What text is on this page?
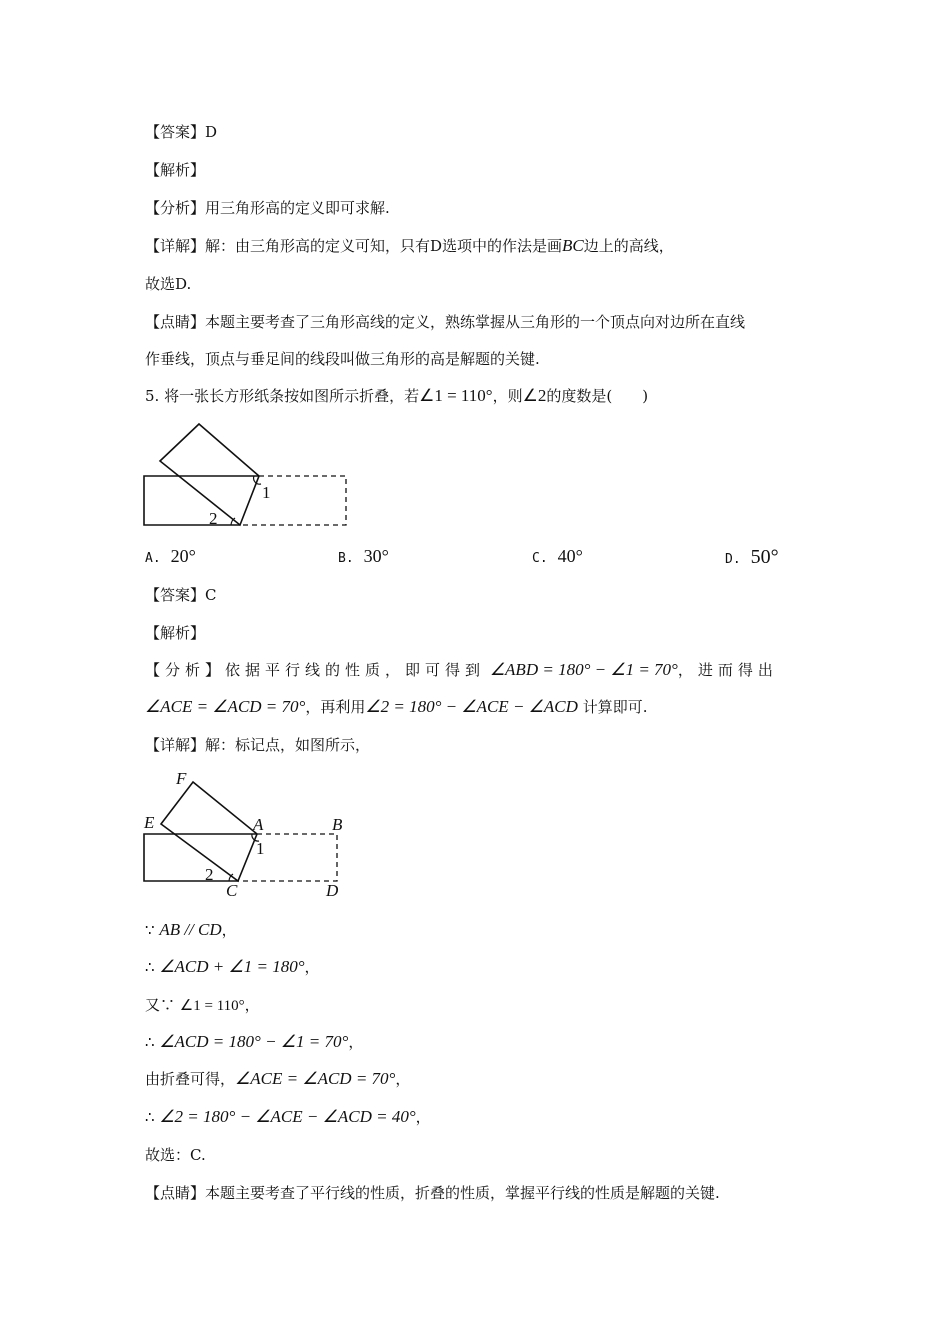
【答案】D
【解析】
【分析】用三角形高的定义即可求解.
【详解】解：由三角形高的定义可知，只有D选项中的作法是画BC边上的高线，
故选D.
【点睛】本题主要考查了三角形高线的定义，熟练掌握从三角形的一个顶点向对边所在直线
作垂线，顶点与垂足间的线段叫做三角形的高是解题的关键.
5. 将一张长方形纸条按如图所示折叠，若∠1 = 110°，则∠2的度数是(　　)
1
2
A. 20°	B. 30°	C. 40°	D. 50°
【答案】C
【解析】
【分析】依据平行线的性质，即可得到 ∠ABD = 180° − ∠1 = 70°，进而得出
∠ACE = ∠ACD = 70°，再利用∠2 = 180° − ∠ACE − ∠ACD 计算即可.
【详解】解：标记点，如图所示，
F
E	A	B
C	D
1
2
∵ AB // CD，
∴ ∠ACD + ∠1 = 180°，
又∵ ∠1 = 110°，
∴ ∠ACD = 180° − ∠1 = 70°，
由折叠可得，∠ACE = ∠ACD = 70°，
∴ ∠2 = 180° − ∠ACE − ∠ACD = 40°，
故选：C.
【点睛】本题主要考查了平行线的性质，折叠的性质，掌握平行线的性质是解题的关键.
